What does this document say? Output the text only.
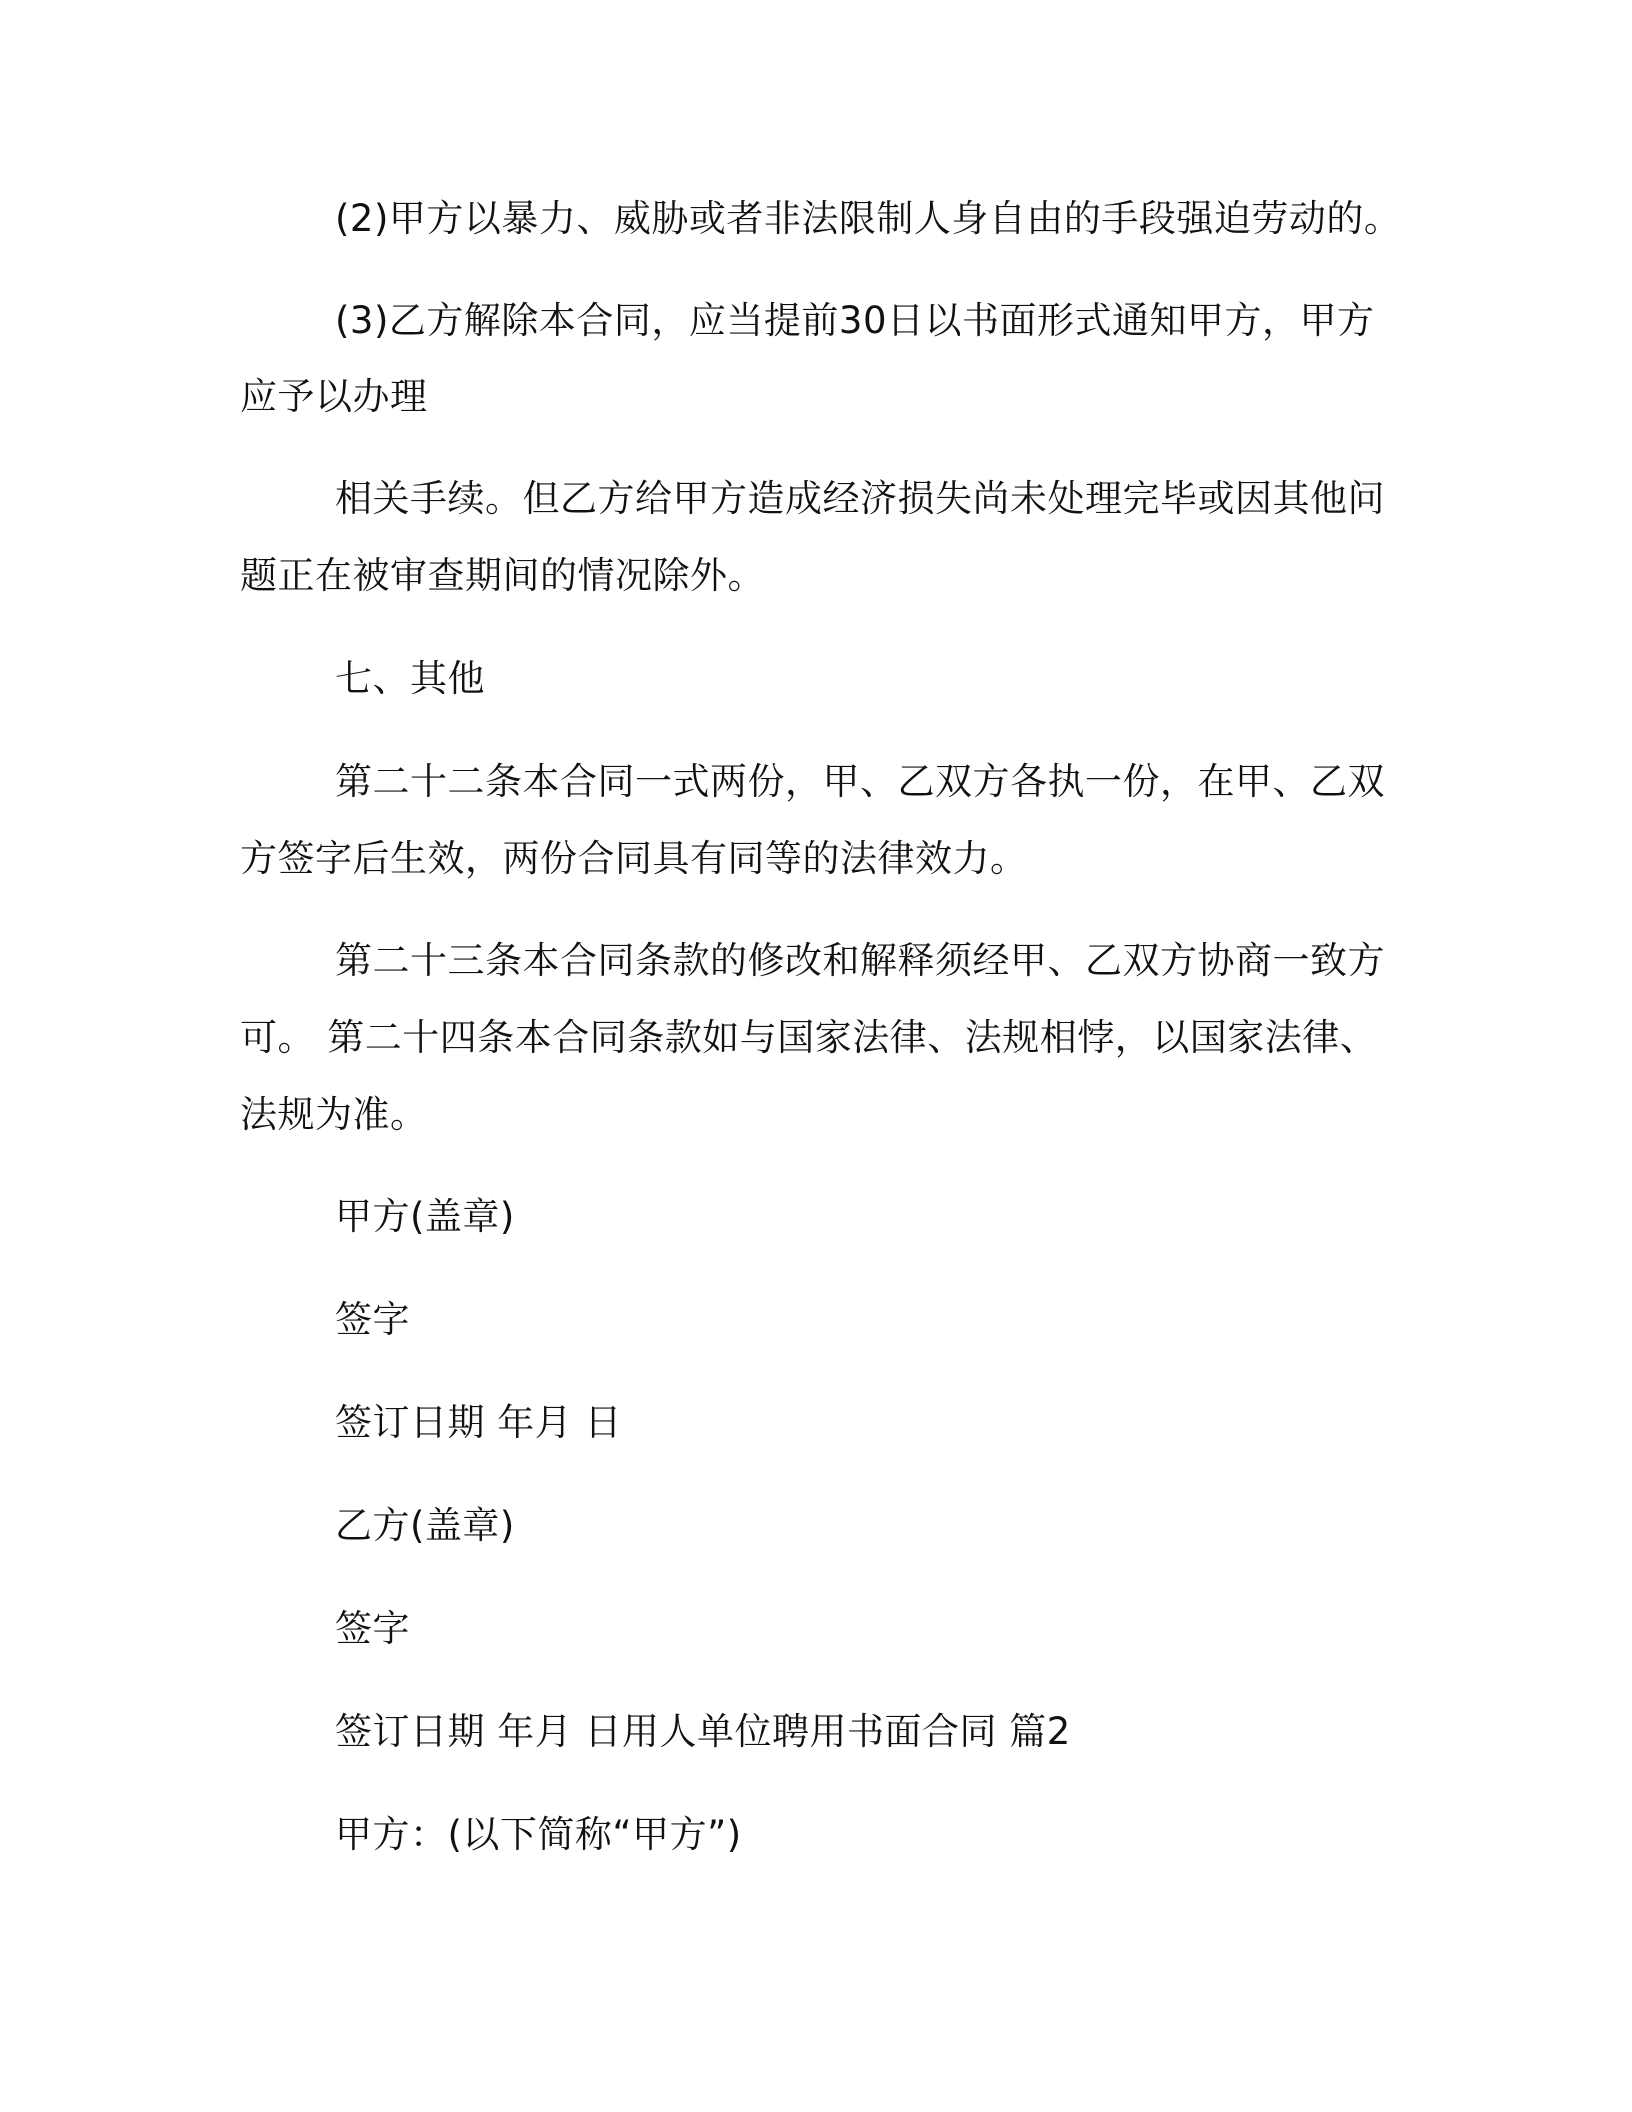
(2)甲方以暴力、威胁或者非法限制人身自由的手段强迫劳动的。
(3)乙方解除本合同，应当提前30日以书面形式通知甲方，甲方
应予以办理
相关手续。但乙方给甲方造成经济损失尚未处理完毕或因其他问
题正在被审查期间的情况除外。
七、其他
第二十二条本合同一式两份，甲、乙双方各执一份，在甲、乙双
方签字后生效，两份合同具有同等的法律效力。
第二十三条本合同条款的修改和解释须经甲、乙双方协商一致方
可。 第二十四条本合同条款如与国家法律、法规相悖，以国家法律、
法规为准。
甲方(盖章)
签字
签订日期 年月 日
乙方(盖章)
签字
签订日期 年月 日用人单位聘用书面合同 篇2
甲方：(以下简称“甲方”)
